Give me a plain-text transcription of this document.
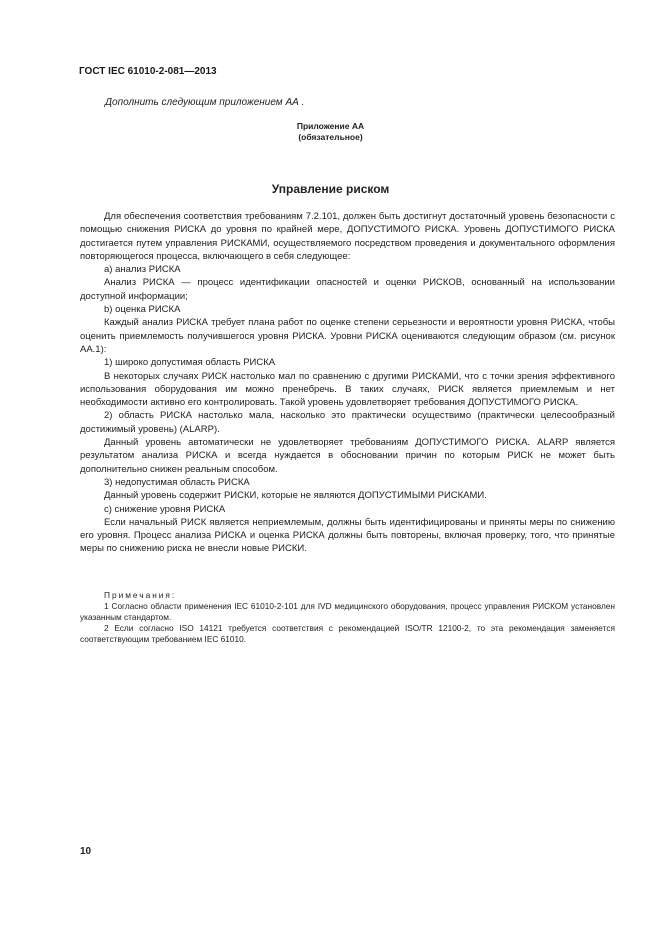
ГОСТ IEC 61010-2-081—2013
Дополнить следующим приложением АА .
Приложение АА
(обязательное)
Управление риском

Для обеспечения соответствия требованиям 7.2.101, должен быть достигнут достаточный уровень безопасности с помощью снижения РИСКА до уровня по крайней мере, ДОПУСТИМОГО РИСКА. Уровень ДОПУСТИМОГО РИСКА достигается путем управления РИСКАМИ, осуществляемого посредством проведения и документального оформления повторяющегося процесса, включающего в себя следующее:

а) анализ РИСКА

Анализ РИСКА — процесс идентификации опасностей и оценки РИСКОВ, основанный на использовании доступной информации;

b) оценка РИСКА

Каждый анализ РИСКА требует плана работ по оценке степени серьезности и вероятности уровня РИСКА, чтобы оценить приемлемость получившегося уровня РИСКА. Уровни РИСКА оцениваются следующим образом (см. рисунок АА.1):

1) широко допустимая область РИСКА

В некоторых случаях РИСК настолько мал по сравнению с другими РИСКАМИ, что с точки зрения эффективного использования оборудования им можно пренебречь. В таких случаях, РИСК является приемлемым и нет необходимости активно его контролировать. Такой уровень удовлетворяет требования ДОПУСТИМОГО РИСКА.

2) область РИСКА настолько мала, насколько это практически осуществимо (практически целесообразный достижимый уровень) (ALARP).

Данный уровень автоматически не удовлетворяет требованиям ДОПУСТИМОГО РИСКА. ALARP является результатом анализа РИСКА и всегда нуждается в обосновании причин по которым РИСК не может быть дополнительно снижен реальным способом.

3) недопустимая область РИСКА

Данный уровень содержит РИСКИ, которые не являются ДОПУСТИМЫМИ РИСКАМИ.

с) снижение уровня РИСКА

Если начальный РИСК является неприемлемым, должны быть идентифицированы и приняты меры по снижению его уровня. Процесс анализа РИСКА и оценка РИСКА должны быть повторены, включая проверку, того, что принятые меры по снижению риска не внесли новые РИСКИ.

Примечания:

1 Согласно области применения IEC 61010-2-101 для IVD медицинского оборудования, процесс управления РИСКОМ установлен указанным стандартом.

2 Если согласно ISO 14121 требуется соответствия с рекомендацией ISO/TR 12100-2, то эта рекомендация заменяется соответствующим требованием IEC 61010.

10
